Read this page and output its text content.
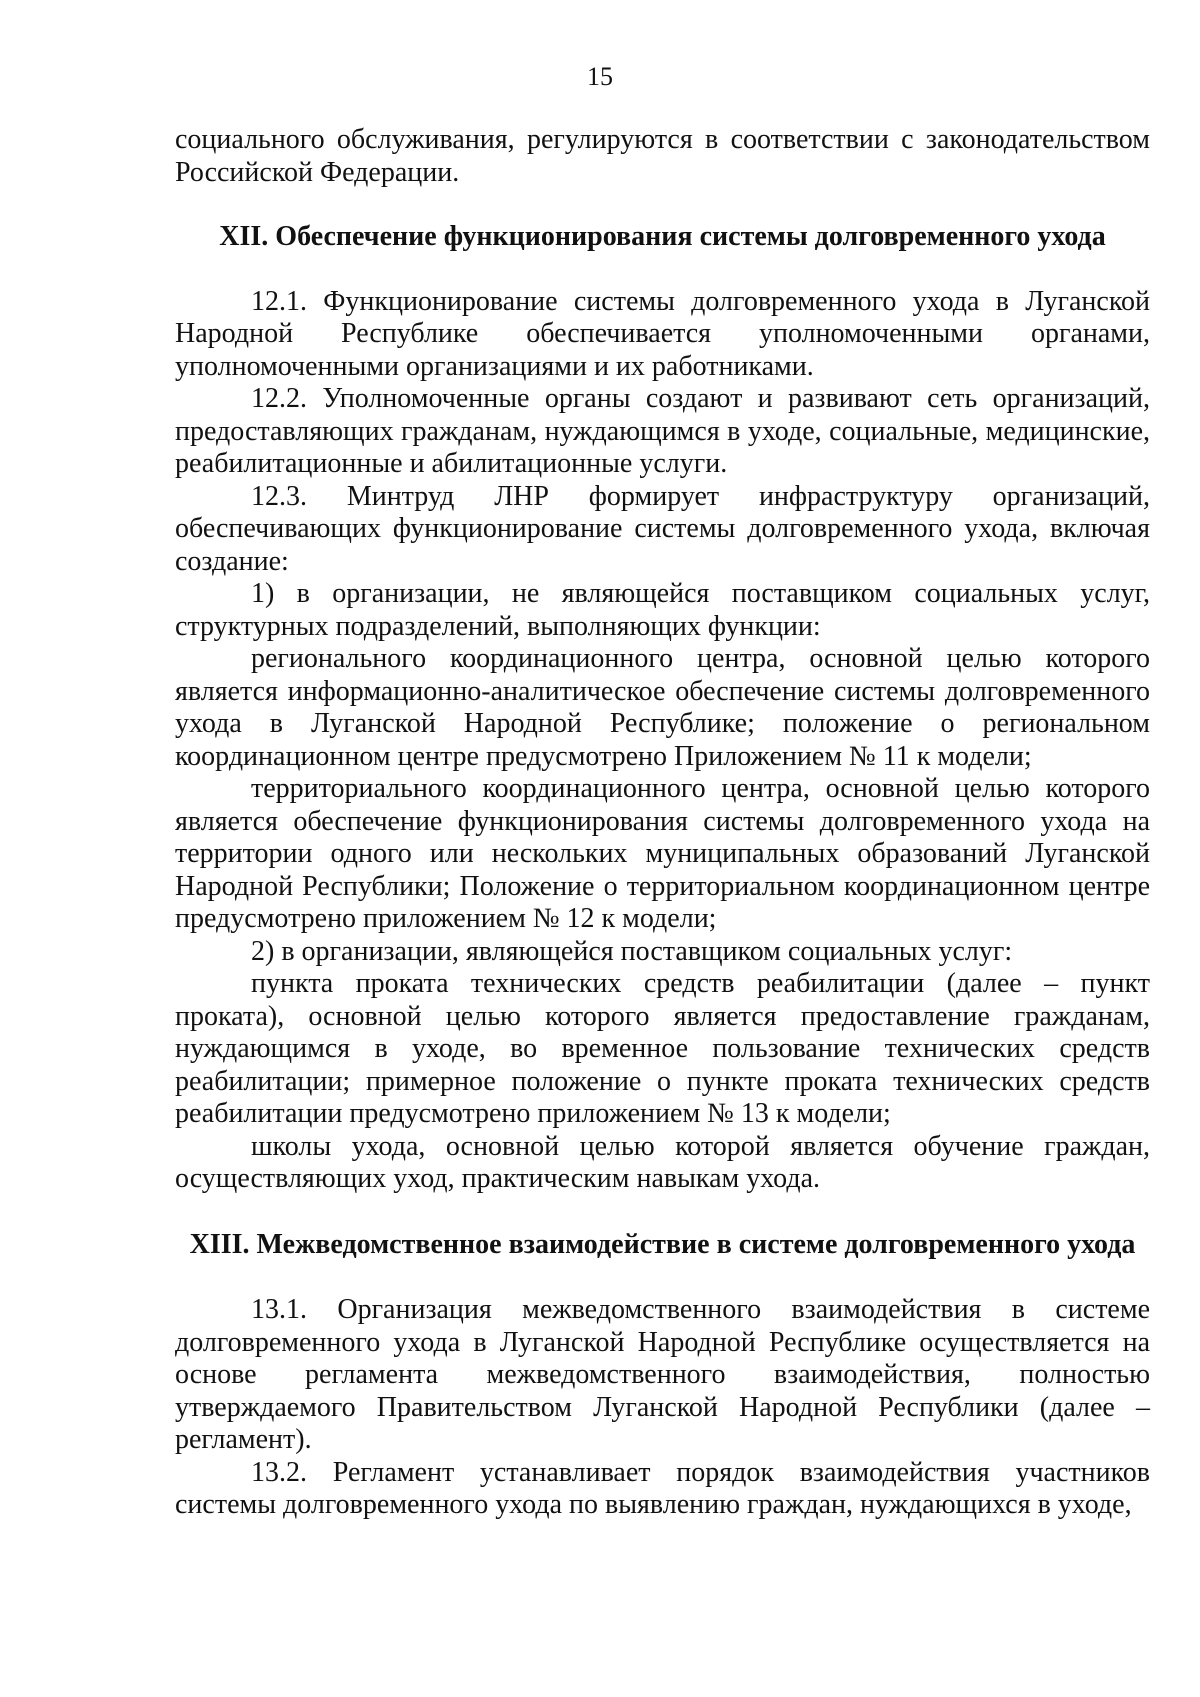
15

социального обслуживания, регулируются в соответствии с законодательством Российской Федерации.

XII. Обеспечение функционирования системы долговременного ухода

12.1. Функционирование системы долговременного ухода в Луганской Народной Республике обеспечивается уполномоченными органами, уполномоченными организациями и их работниками.

12.2. Уполномоченные органы создают и развивают сеть организаций, предоставляющих гражданам, нуждающимся в уходе, социальные, медицинские, реабилитационные и абилитационные услуги.

12.3. Минтруд ЛНР формирует инфраструктуру организаций, обеспечивающих функционирование системы долговременного ухода, включая создание:

1) в организации, не являющейся поставщиком социальных услуг, структурных подразделений, выполняющих функции:

регионального координационного центра, основной целью которого является информационно-аналитическое обеспечение системы долговременного ухода в Луганской Народной Республике; положение о региональном координационном центре предусмотрено Приложением № 11 к модели;

территориального координационного центра, основной целью которого является обеспечение функционирования системы долговременного ухода на территории одного или нескольких муниципальных образований Луганской Народной Республики; Положение о территориальном координационном центре предусмотрено приложением № 12 к модели;

2) в организации, являющейся поставщиком социальных услуг:

пункта проката технических средств реабилитации (далее – пункт проката), основной целью которого является предоставление гражданам, нуждающимся в уходе, во временное пользование технических средств реабилитации; примерное положение о пункте проката технических средств реабилитации предусмотрено приложением № 13 к модели;

школы ухода, основной целью которой является обучение граждан, осуществляющих уход, практическим навыкам ухода.

XIII. Межведомственное взаимодействие в системе долговременного ухода

13.1. Организация межведомственного взаимодействия в системе долговременного ухода в Луганской Народной Республике осуществляется на основе регламента межведомственного взаимодействия, полностью утверждаемого Правительством Луганской Народной Республики (далее – регламент).

13.2. Регламент устанавливает порядок взаимодействия участников системы долговременного ухода по выявлению граждан, нуждающихся в уходе,
